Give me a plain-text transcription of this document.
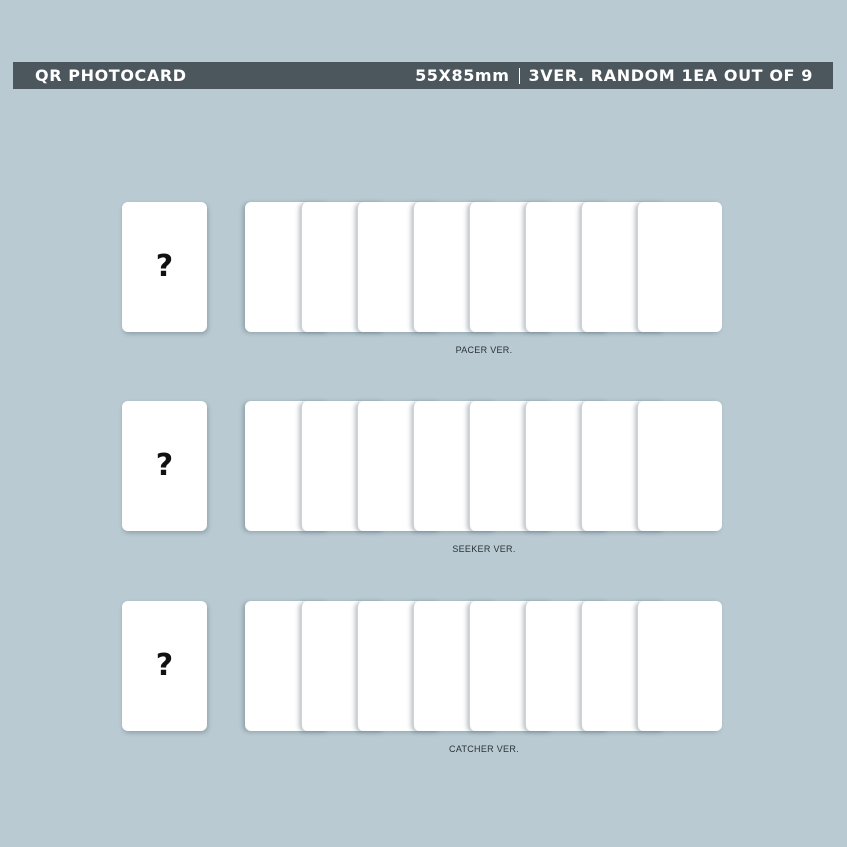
QR PHOTOCARD	55X85mm 3VER. RANDOM 1EA OUT OF 9
?
PACER VER.
?
SEEKER VER.
?
CATCHER VER.
